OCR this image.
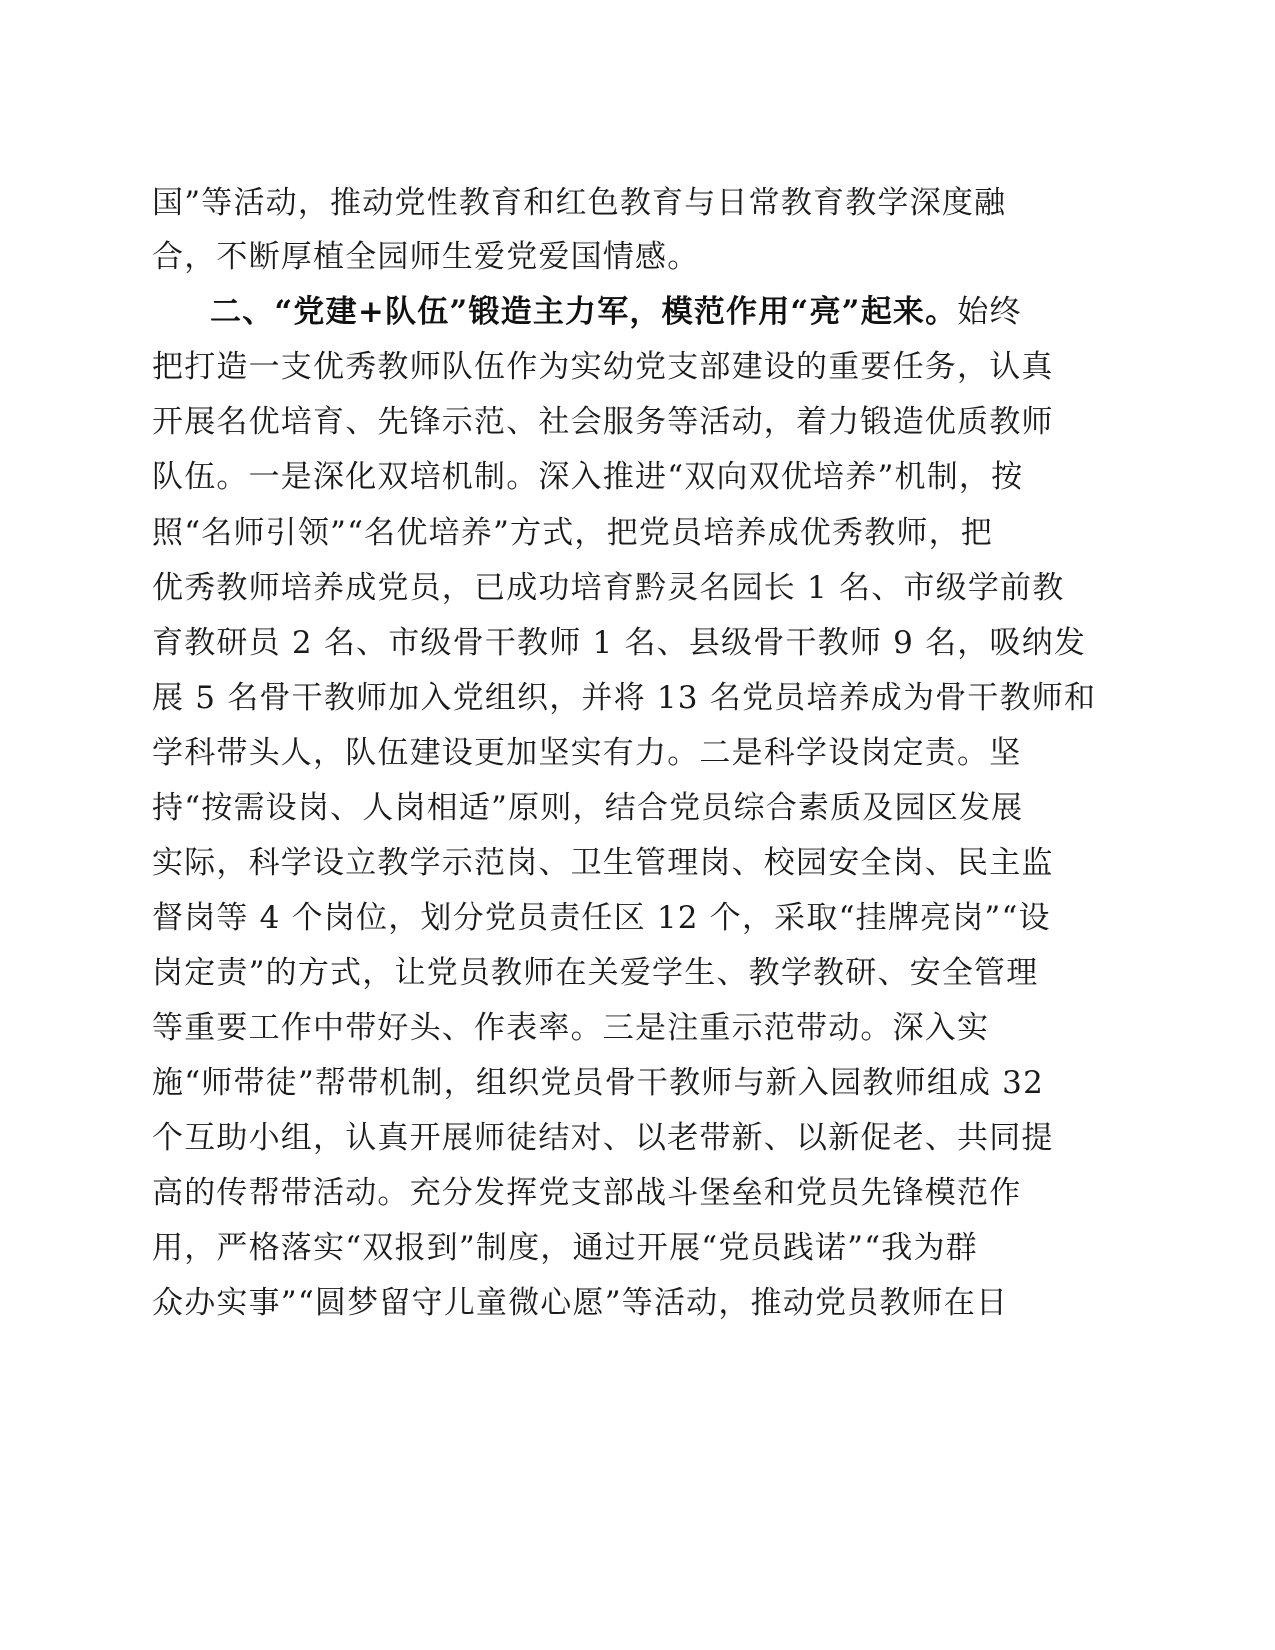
国”等活动，推动党性教育和红色教育与日常教育教学深度融
合，不断厚植全园师生爱党爱国情感。
二、“党建+队伍”锻造主力军，模范作用“亮”起来。始终
把打造一支优秀教师队伍作为实幼党支部建设的重要任务，认真
开展名优培育、先锋示范、社会服务等活动，着力锻造优质教师
队伍。一是深化双培机制。深入推进“双向双优培养”机制，按
照“名师引领”“名优培养”方式，把党员培养成优秀教师，把
优秀教师培养成党员，已成功培育黔灵名园长 1 名、市级学前教
育教研员 2 名、市级骨干教师 1 名、县级骨干教师 9 名，吸纳发
展 5 名骨干教师加入党组织，并将 13 名党员培养成为骨干教师和
学科带头人，队伍建设更加坚实有力。二是科学设岗定责。坚
持“按需设岗、人岗相适”原则，结合党员综合素质及园区发展
实际，科学设立教学示范岗、卫生管理岗、校园安全岗、民主监
督岗等 4 个岗位，划分党员责任区 12 个，采取“挂牌亮岗”“设
岗定责”的方式，让党员教师在关爱学生、教学教研、安全管理
等重要工作中带好头、作表率。三是注重示范带动。深入实
施“师带徒”帮带机制，组织党员骨干教师与新入园教师组成 32
个互助小组，认真开展师徒结对、以老带新、以新促老、共同提
高的传帮带活动。充分发挥党支部战斗堡垒和党员先锋模范作
用，严格落实“双报到”制度，通过开展“党员践诺”“我为群
众办实事”“圆梦留守儿童微心愿”等活动，推动党员教师在日
